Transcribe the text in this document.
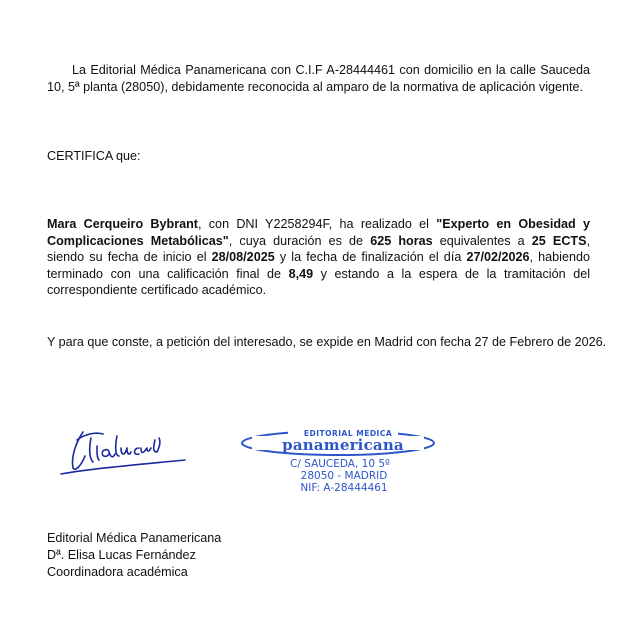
La Editorial Médica Panamericana con C.I.F A-28444461 con domicilio en la calle Sauceda 10, 5ª planta (28050), debidamente reconocida al amparo de la normativa de aplicación vigente.
CERTIFICA que:
Mara Cerqueiro Bybrant, con DNI Y2258294F, ha realizado el "Experto en Obesidad y Complicaciones Metabólicas", cuya duración es de 625 horas equivalentes a 25 ECTS, siendo su fecha de inicio el 28/08/2025 y la fecha de finalización el día 27/02/2026, habiendo terminado con una calificación final de 8,49 y estando a la espera de la tramitación del correspondiente certificado académico.
Y para que conste, a petición del interesado, se expide en Madrid con fecha 27 de Febrero de 2026.
EDITORIAL MEDICA
panamericana
C/ SAUCEDA, 10 5º
28050 - MADRID
NIF: A-28444461
Editorial Médica Panamericana
Dª. Elisa Lucas Fernández
Coordinadora académica
